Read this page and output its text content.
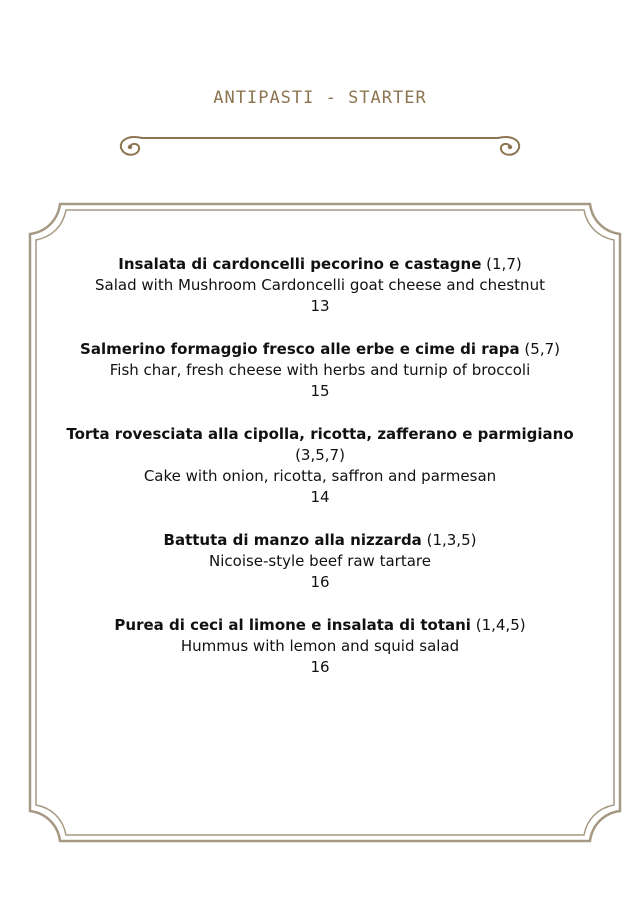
ANTIPASTI - STARTER

Insalata di cardoncelli pecorino e castagne (1,7)

Salad with Mushroom Cardoncelli goat cheese and chestnut

13

Salmerino formaggio fresco alle erbe e cime di rapa (5,7)

Fish char, fresh cheese with herbs and turnip of broccoli

15

Torta rovesciata alla cipolla, ricotta, zafferano e parmigiano

(3,5,7)

Cake with onion, ricotta, saffron and parmesan

14

Battuta di manzo alla nizzarda (1,3,5)

Nicoise-style beef raw tartare

16

Purea di ceci al limone e insalata di totani (1,4,5)

Hummus with lemon and squid salad

16
